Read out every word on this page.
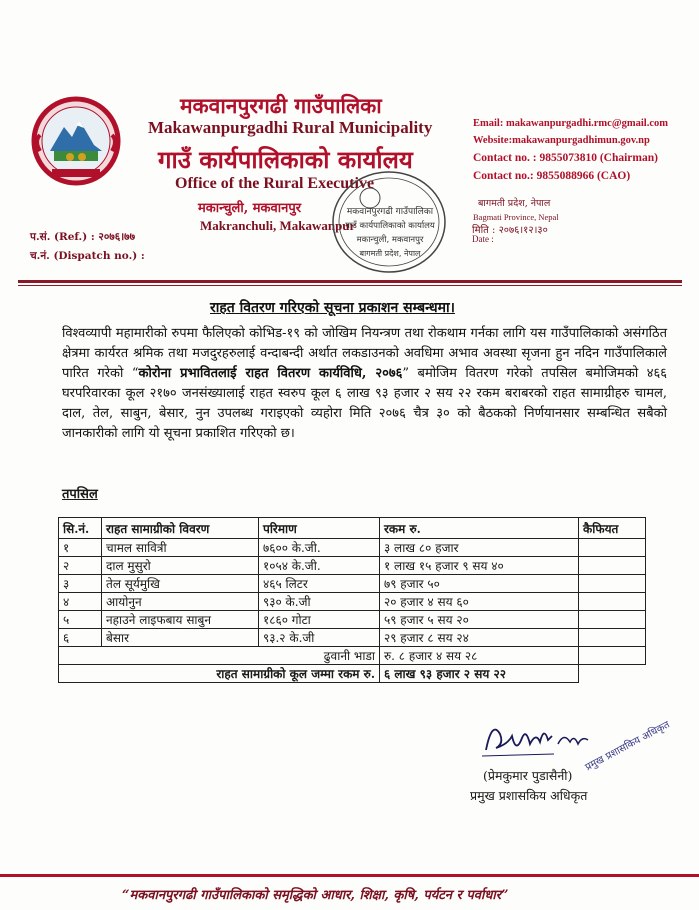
मकवानपुरगढी गाउँपालिका
Makawanpurgadhi Rural Municipality
गाउँ कार्यपालिकाको कार्यालय
Office of the Rural Executive
मकान्चुली, मकवानपुर
Makranchuli, Makawanpur
Email: makawanpurgadhi.rmc@gmail.com
Website:makawanpurgadhimun.gov.np
Contact no. : 9855073810 (Chairman)
Contact no.: 9855088966 (CAO)
बागमती प्रदेश, नेपाल
Bagmati Province, Nepal
मिति : २०७६।१२।३०
Date :
प.सं. (Ref.) : २०७६।७७
च.नं. (Dispatch no.) :
मकवानपुरगढी गाउँपालिका
गाउँ कार्यपालिकाको कार्यालय
मकान्चुली, मकवानपुर
बागमती प्रदेश, नेपाल
राहत वितरण गरिएको सूचना प्रकाशन सम्बन्धमा।
विश्वव्यापी महामारीको रुपमा फैलिएको कोभिड-१९ को जोखिम नियन्त्रण तथा रोकथाम गर्नका लागि यस गाउँपालिकाको असंगठित क्षेत्रमा कार्यरत श्रमिक तथा मजदुरहरुलाई वन्दाबन्दी अर्थात लकडाउनको अवधिमा अभाव अवस्था सृजना हुन नदिन गाउँपालिकाले पारित गरेको “कोरोना प्रभावितलाई राहत वितरण कार्यविधि, २०७६” बमोजिम वितरण गरेको तपसिल बमोजिमको ४६६ घरपरिवारका कूल २१७० जनसंख्यालाई राहत स्वरुप कूल ६ लाख ९३ हजार २ सय २२ रकम बराबरको राहत सामाग्रीहरु चामल, दाल, तेल, साबुन, बेसार, नुन उपलब्ध गराइएको व्यहोरा मिति २०७६ चैत्र ३० को बैठकको निर्णयानसार सम्बन्धित सबैको जानकारीको लागि यो सूचना प्रकाशित गरिएको छ।
तपसिल
सि.नं.	राहत सामाग्रीको विवरण	परिमाण	रकम रु.	कैफियत
१	चामल सावित्री	७६०० के.जी.	३ लाख ८० हजार	
२	दाल मुसुरो	१०५४ के.जी.	१ लाख १५ हजार ९ सय ४०	
३	तेल सूर्यमुखि	४६५ लिटर	७९ हजार ५०	
४	आयोनुन	९३० के.जी	२० हजार ४ सय ६०	
५	नहाउने लाइफबाय साबुन	१८६० गोटा	५९ हजार ५ सय २०	
६	बेसार	९३.२ के.जी	२९ हजार ८ सय २४	
ढुवानी भाडा			रु. ८ हजार ४ सय २८	
राहत सामाग्रीको कूल जम्मा रकम रु.			६ लाख ९३ हजार २ सय २२	
प्रमुख प्रशासकिय अधिकृत
(प्रेमकुमार पुडासैनी)
प्रमुख प्रशासकिय अधिकृत
“मकवानपुरगढी गाउँपालिकाको समृद्धिको आधार, शिक्षा, कृषि, पर्यटन र पर्वाधार”
